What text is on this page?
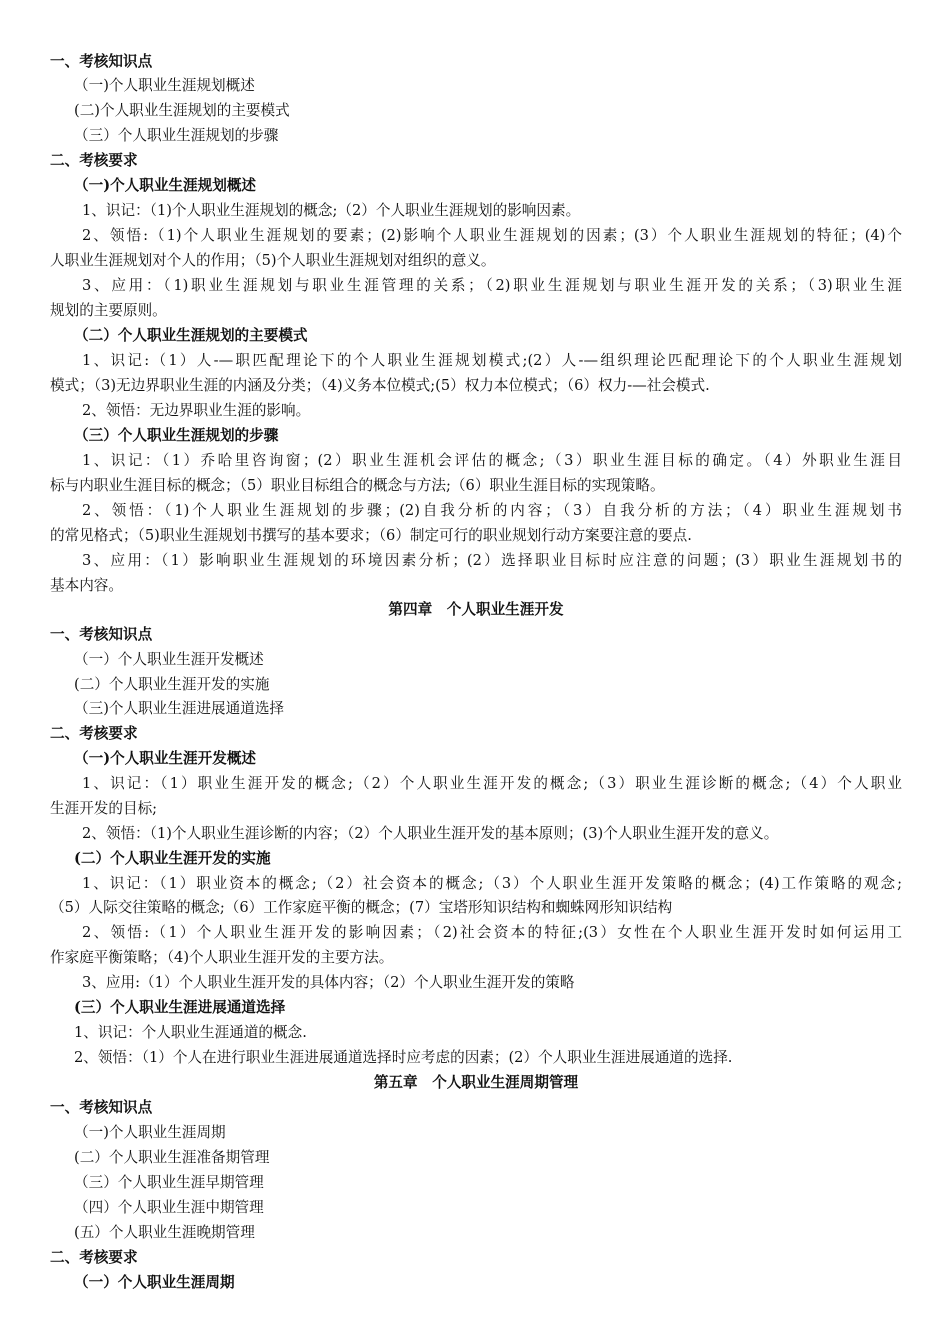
一、考核知识点
（一)个人职业生涯规划概述
(二)个人职业生涯规划的主要模式
（三）个人职业生涯规划的步骤
二、考核要求
（一)个人职业生涯规划概述
1、识记：（1)个人职业生涯规划的概念;（2）个人职业生涯规划的影响因素。
2、领悟:（1)个人职业生涯规划的要素；(2)影响个人职业生涯规划的因素；(3）个人职业生涯规划的特征；(4)个
人职业生涯规划对个人的作用；（5)个人职业生涯规划对组织的意义。
3、应用：（1)职业生涯规划与职业生涯管理的关系；（2)职业生涯规划与职业生涯开发的关系；（3)职业生涯
规划的主要原则。
（二）个人职业生涯规划的主要模式
1、识记:（1）人-—职匹配理论下的个人职业生涯规划模式;(2）人-—组织理论匹配理论下的个人职业生涯规划
模式；（3)无边界职业生涯的内涵及分类；（4)义务本位模式;(5）权力本位模式；（6）权力-—社会模式.
2、领悟：无边界职业生涯的影响。
（三）个人职业生涯规划的步骤
1、识记：（1）乔哈里咨询窗；(2）职业生涯机会评估的概念;（3）职业生涯目标的确定。（4）外职业生涯目
标与内职业生涯目标的概念；（5）职业目标组合的概念与方法;（6）职业生涯目标的实现策略。
2、领悟：（1)个人职业生涯规划的步骤；(2)自我分析的内容；（3）自我分析的方法；（4）职业生涯规划书
的常见格式；（5)职业生涯规划书撰写的基本要求；（6）制定可行的职业规划行动方案要注意的要点.
3、应用：（1）影响职业生涯规划的环境因素分析；(2）选择职业目标时应注意的问题；(3）职业生涯规划书的
基本内容。
第四章　个人职业生涯开发
一、考核知识点
（一）个人职业生涯开发概述
(二）个人职业生涯开发的实施
（三)个人职业生涯进展通道选择
二、考核要求
（一)个人职业生涯开发概述
1、识记：（1）职业生涯开发的概念;（2）个人职业生涯开发的概念;（3）职业生涯诊断的概念;（4）个人职业
生涯开发的目标;
2、领悟：（1)个人职业生涯诊断的内容；（2）个人职业生涯开发的基本原则；(3)个人职业生涯开发的意义。
(二）个人职业生涯开发的实施
1、识记：（1）职业资本的概念;（2）社会资本的概念;（3）个人职业生涯开发策略的概念；(4)工作策略的观念;
（5）人际交往策略的概念;（6）工作家庭平衡的概念；(7）宝塔形知识结构和蜘蛛网形知识结构
2、领悟:（1）个人职业生涯开发的影响因素；（2)社会资本的特征;(3）女性在个人职业生涯开发时如何运用工
作家庭平衡策略；（4)个人职业生涯开发的主要方法。
3、应用:（1）个人职业生涯开发的具体内容；（2）个人职业生涯开发的策略
(三）个人职业生涯进展通道选择
1、识记：个人职业生涯通道的概念.
2、领悟：（1）个人在进行职业生涯进展通道选择时应考虑的因素；(2）个人职业生涯进展通道的选择.
第五章　个人职业生涯周期管理
一、考核知识点
（一)个人职业生涯周期
(二）个人职业生涯准备期管理
（三）个人职业生涯早期管理
（四）个人职业生涯中期管理
(五）个人职业生涯晚期管理
二、考核要求
（一）个人职业生涯周期
